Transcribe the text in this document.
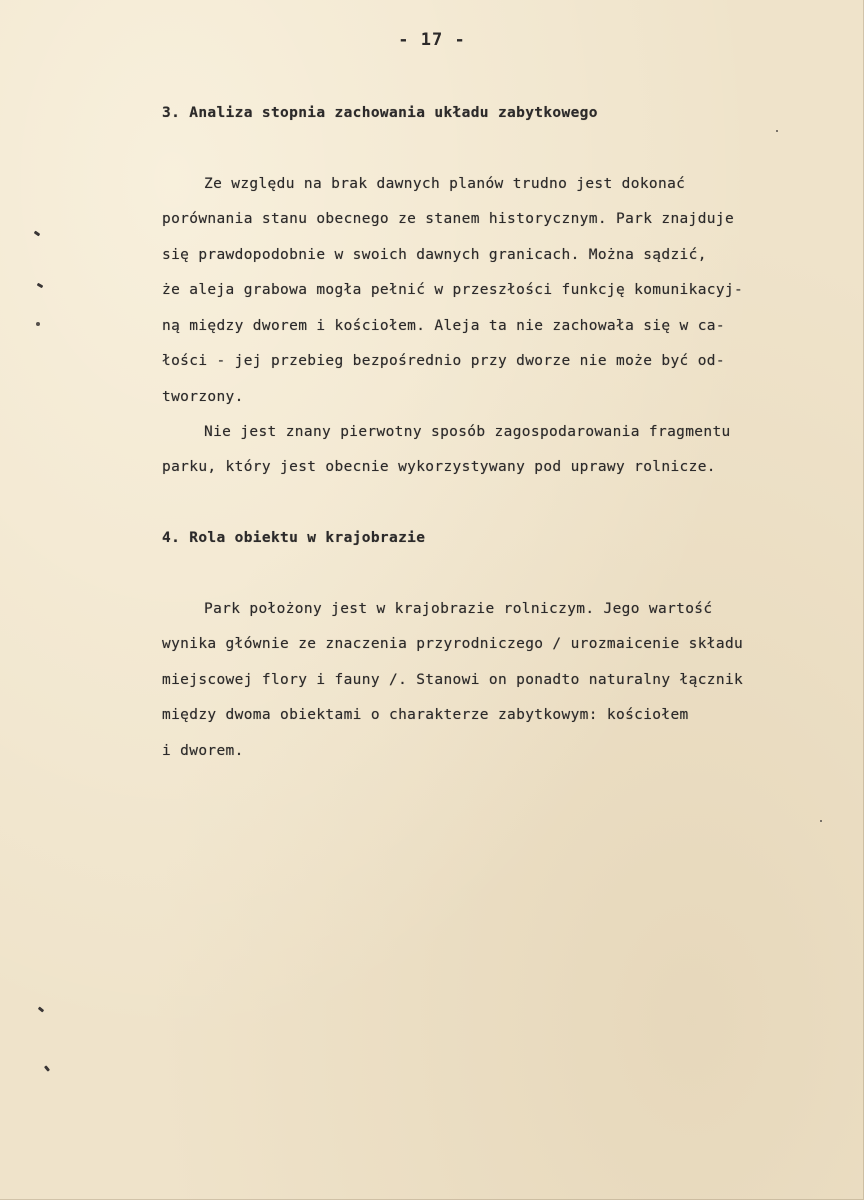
- 17 -
3. Analiza stopnia zachowania układu zabytkowego
Ze względu na brak dawnych planów trudno jest dokonać
porównania stanu obecnego ze stanem historycznym. Park znajduje
się prawdopodobnie w swoich dawnych granicach. Można sądzić,
że aleja grabowa mogła pełnić w przeszłości funkcję komunikacyj-
ną między dworem i kościołem. Aleja ta nie zachowała się w ca-
łości - jej przebieg bezpośrednio przy dworze nie może być od-
tworzony.
Nie jest znany pierwotny sposób zagospodarowania fragmentu
parku, który jest obecnie wykorzystywany pod uprawy rolnicze.
4. Rola obiektu w krajobrazie
Park położony jest w krajobrazie rolniczym. Jego wartość
wynika głównie ze znaczenia przyrodniczego / urozmaicenie składu
miejscowej flory i fauny /. Stanowi on ponadto naturalny łącznik
między dwoma obiektami o charakterze zabytkowym: kościołem
i dworem.
